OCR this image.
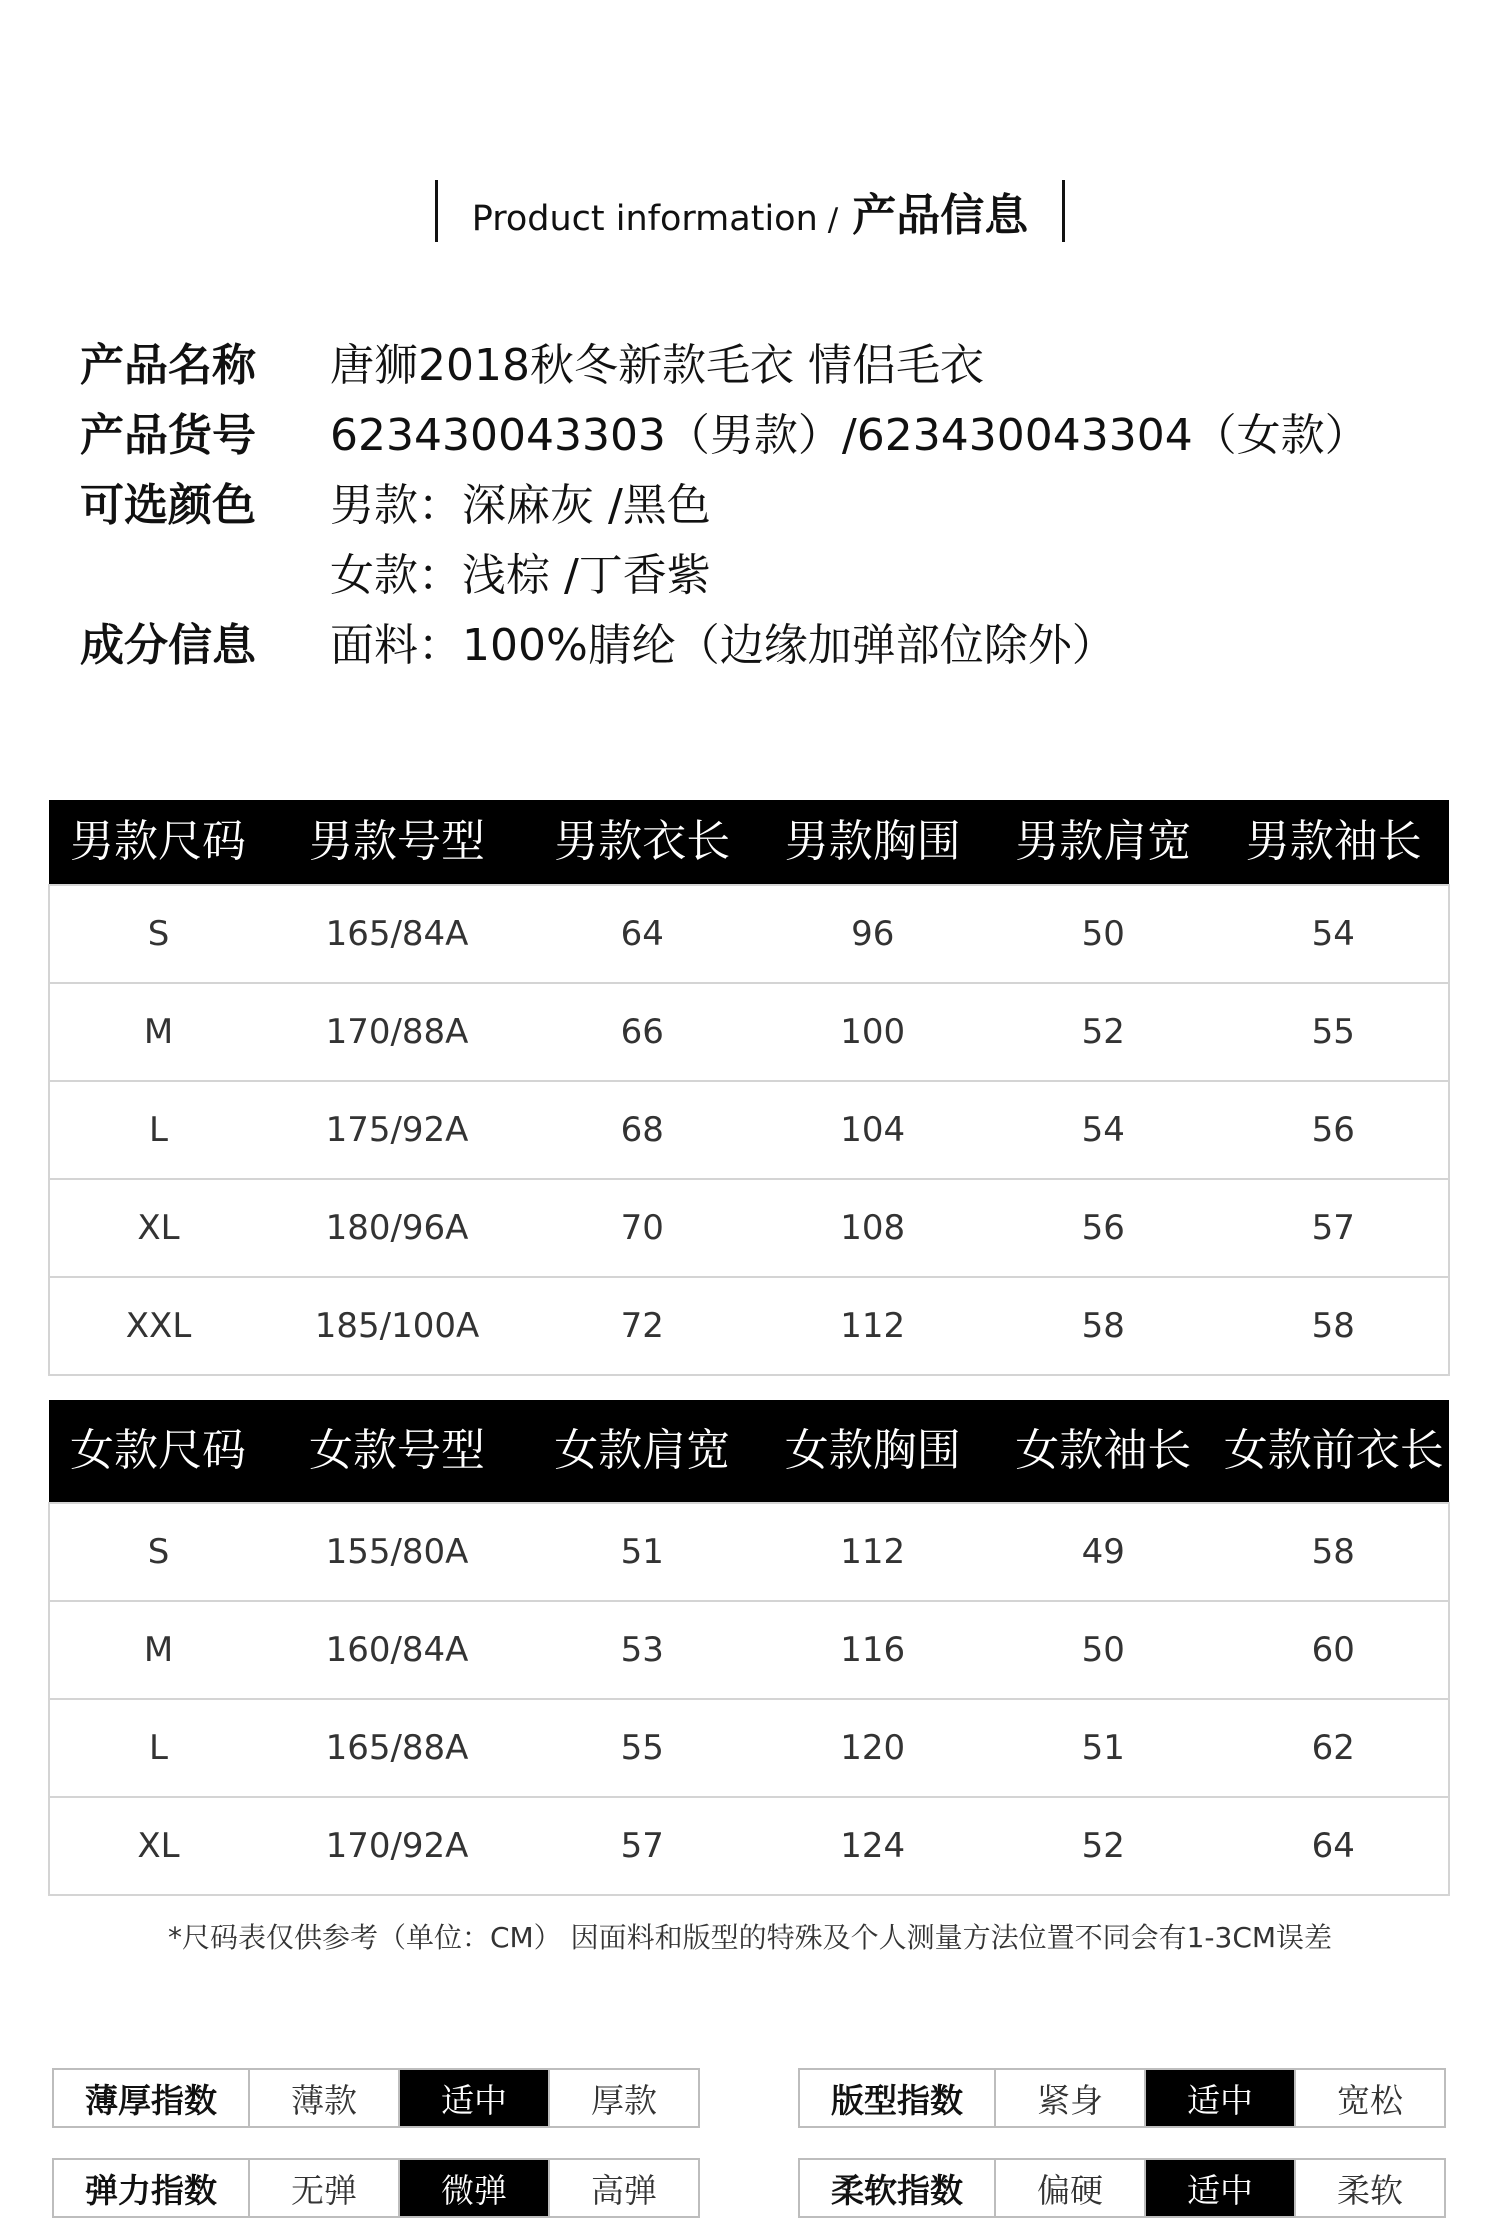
Product information / 产品信息
产品名称	唐狮2018秋冬新款毛衣 情侣毛衣
产品货号	623430043303（男款）/623430043304（女款）
可选颜色	男款：深麻灰 /黑色
女款：浅棕 /丁香紫
成分信息	面料：100%腈纶（边缘加弹部位除外）
男款尺码	男款号型	男款衣长	男款胸围	男款肩宽	男款袖长
S	165/84A	64	96	50	54
M	170/88A	66	100	52	55
L	175/92A	68	104	54	56
XL	180/96A	70	108	56	57
XXL	185/100A	72	112	58	58
女款尺码	女款号型	女款肩宽	女款胸围	女款袖长	女款前衣长
S	155/80A	51	112	49	58
M	160/84A	53	116	50	60
L	165/88A	55	120	51	62
XL	170/92A	57	124	52	64
*尺码表仅供参考（单位：CM） 因面料和版型的特殊及个人测量方法位置不同会有1-3CM误差
薄厚指数	薄款	适中	厚款
弹力指数	无弹	微弹	高弹
版型指数	紧身	适中	宽松
柔软指数	偏硬	适中	柔软
